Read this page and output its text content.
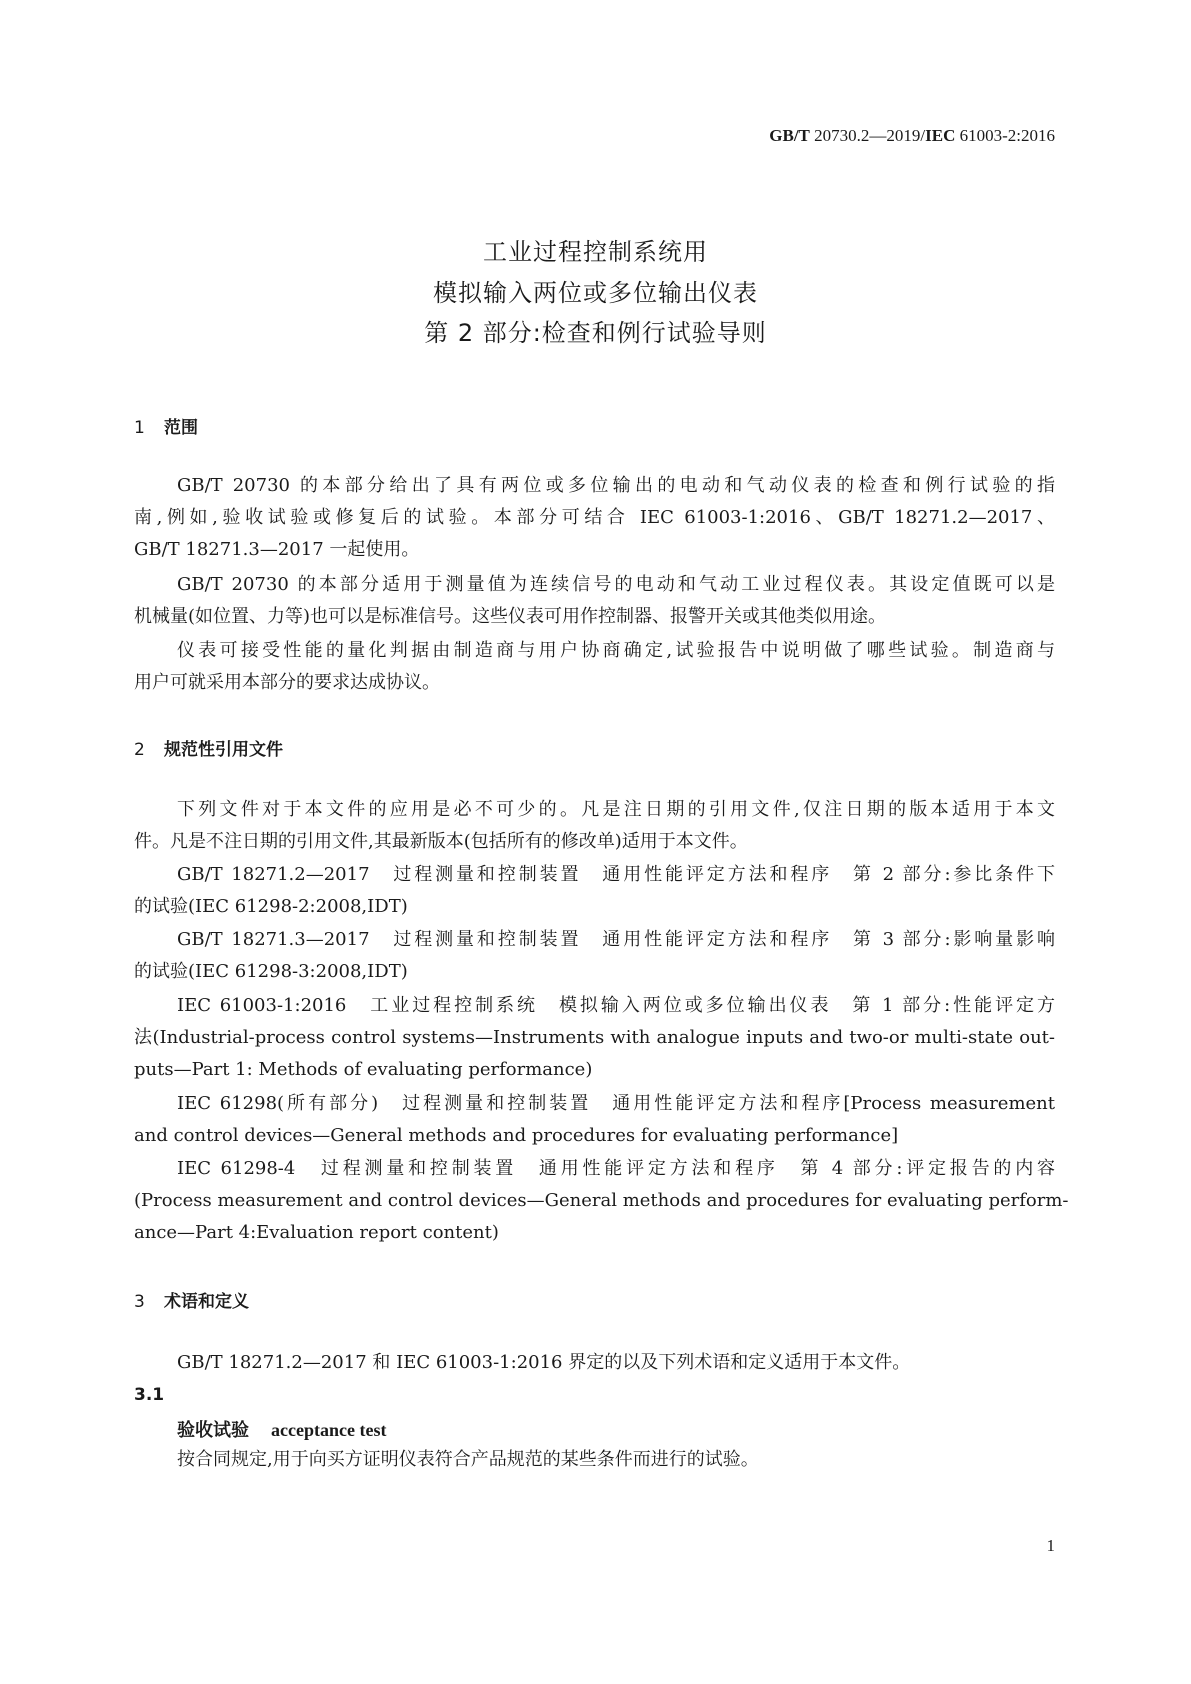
GB/T 20730.2—2019/IEC 61003-2:2016
工业过程控制系统用
模拟输入两位或多位输出仪表
第 2 部分:检查和例行试验导则
1 范围
GB/T 20730 的本部分给出了具有两位或多位输出的电动和气动仪表的检查和例行试验的指
南,例如,验收试验或修复后的试验。本部分可结合 IEC 61003-1:2016、GB/T 18271.2—2017、
GB/T 18271.3—2017 一起使用。
GB/T 20730 的本部分适用于测量值为连续信号的电动和气动工业过程仪表。其设定值既可以是
机械量(如位置、力等)也可以是标准信号。这些仪表可用作控制器、报警开关或其他类似用途。
仪表可接受性能的量化判据由制造商与用户协商确定,试验报告中说明做了哪些试验。制造商与
用户可就采用本部分的要求达成协议。
2 规范性引用文件
下列文件对于本文件的应用是必不可少的。凡是注日期的引用文件,仅注日期的版本适用于本文
件。凡是不注日期的引用文件,其最新版本(包括所有的修改单)适用于本文件。
GB/T 18271.2—2017　过程测量和控制装置　通用性能评定方法和程序　第 2 部分:参比条件下
的试验(IEC 61298-2:2008,IDT)
GB/T 18271.3—2017　过程测量和控制装置　通用性能评定方法和程序　第 3 部分:影响量影响
的试验(IEC 61298-3:2008,IDT)
IEC 61003-1:2016　工业过程控制系统　模拟输入两位或多位输出仪表　第 1 部分:性能评定方
法(Industrial-process control systems—Instruments with analogue inputs and two-or multi-state out-
puts—Part 1: Methods of evaluating performance)
IEC 61298(所有部分)　过程测量和控制装置　通用性能评定方法和程序[Process measurement
and control devices—General methods and procedures for evaluating performance]
IEC 61298-4　过程测量和控制装置　通用性能评定方法和程序　第 4 部分:评定报告的内容
(Process measurement and control devices—General methods and procedures for evaluating perform-
ance—Part 4:Evaluation report content)
3 术语和定义
GB/T 18271.2—2017 和 IEC 61003-1:2016 界定的以及下列术语和定义适用于本文件。
3.1
验收试验 acceptance test
按合同规定,用于向买方证明仪表符合产品规范的某些条件而进行的试验。
1
